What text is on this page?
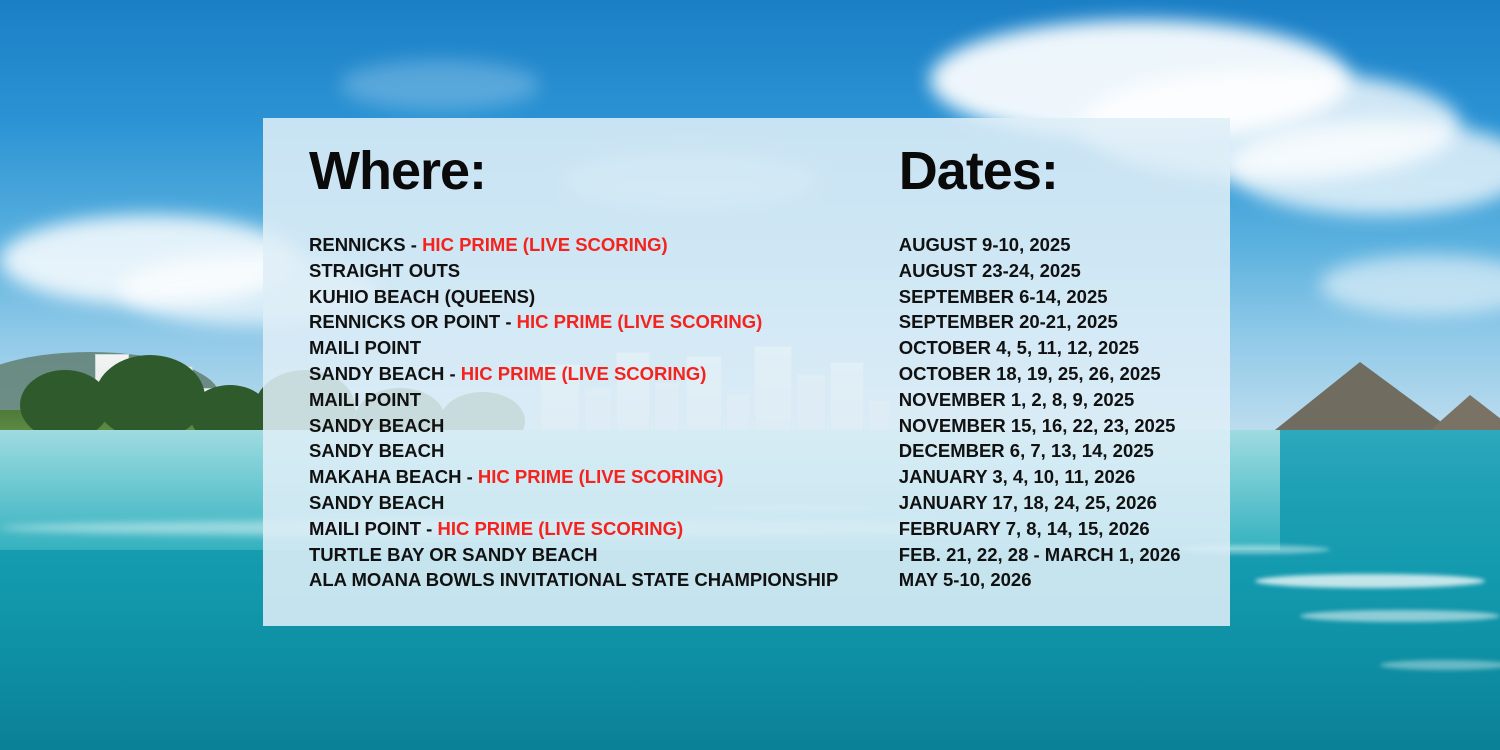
Where:
RENNICKS - HIC PRIME (LIVE SCORING)
STRAIGHT OUTS
KUHIO BEACH (QUEENS)
RENNICKS OR POINT - HIC PRIME (LIVE SCORING)
MAILI POINT
SANDY BEACH - HIC PRIME (LIVE SCORING)
MAILI POINT
SANDY BEACH
SANDY BEACH
MAKAHA BEACH - HIC PRIME (LIVE SCORING)
SANDY BEACH
MAILI POINT - HIC PRIME (LIVE SCORING)
TURTLE BAY OR SANDY BEACH
ALA MOANA BOWLS INVITATIONAL STATE CHAMPIONSHIP
Dates:
AUGUST 9-10, 2025
AUGUST 23-24, 2025
SEPTEMBER 6-14, 2025
SEPTEMBER 20-21, 2025
OCTOBER 4, 5, 11, 12, 2025
OCTOBER 18, 19, 25, 26, 2025
NOVEMBER 1, 2, 8, 9, 2025
NOVEMBER 15, 16, 22, 23, 2025
DECEMBER 6, 7, 13, 14, 2025
JANUARY 3, 4, 10, 11, 2026
JANUARY 17, 18, 24, 25, 2026
FEBRUARY 7, 8, 14, 15, 2026
FEB. 21, 22, 28 - MARCH 1, 2026
MAY 5-10, 2026
